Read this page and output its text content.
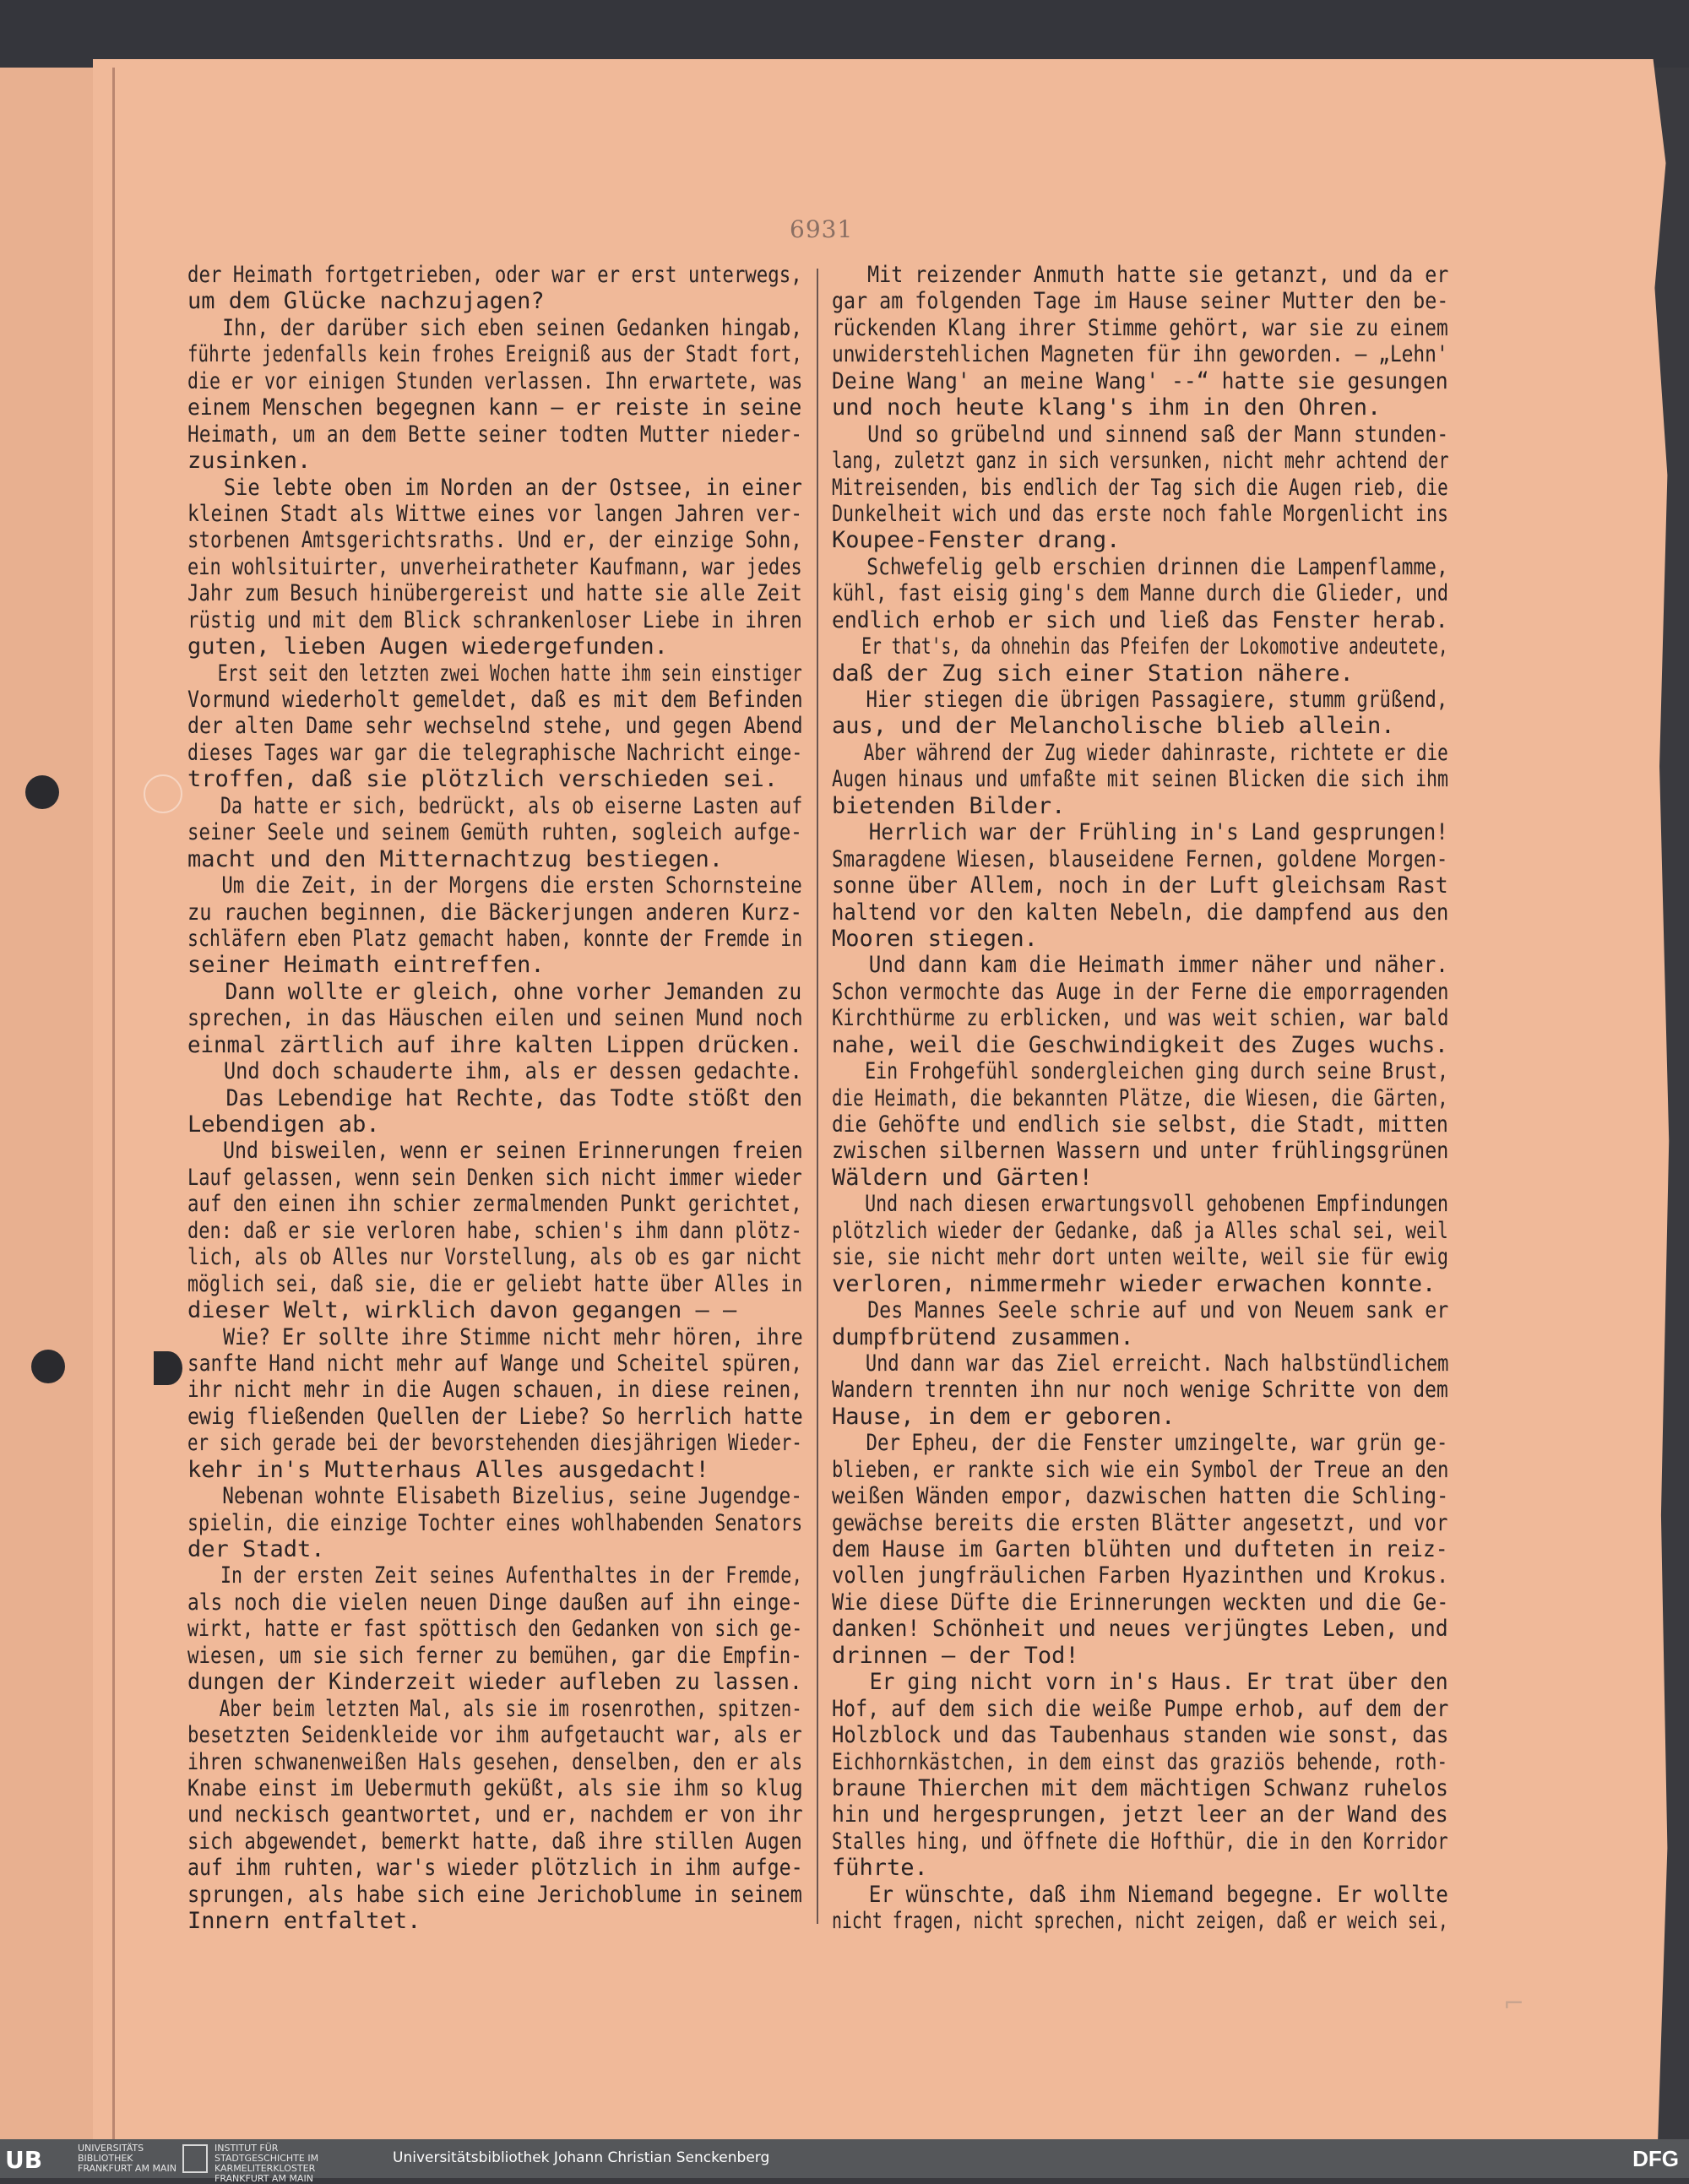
6931
der Heimath fortgetrieben, oder war er erst unterwegs,
um dem Glücke nachzujagen?
Ihn, der darüber sich eben seinen Gedanken hingab,
führte jedenfalls kein frohes Ereigniß aus der Stadt fort,
die er vor einigen Stunden verlassen. Ihn erwartete, was
einem Menschen begegnen kann — er reiste in seine
Heimath, um an dem Bette seiner todten Mutter nieder-
zusinken.
Sie lebte oben im Norden an der Ostsee, in einer
kleinen Stadt als Wittwe eines vor langen Jahren ver-
storbenen Amtsgerichtsraths. Und er, der einzige Sohn,
ein wohlsituirter, unverheiratheter Kaufmann, war jedes
Jahr zum Besuch hinübergereist und hatte sie alle Zeit
rüstig und mit dem Blick schrankenloser Liebe in ihren
guten, lieben Augen wiedergefunden.
Erst seit den letzten zwei Wochen hatte ihm sein einstiger
Vormund wiederholt gemeldet, daß es mit dem Befinden
der alten Dame sehr wechselnd stehe, und gegen Abend
dieses Tages war gar die telegraphische Nachricht einge-
troffen, daß sie plötzlich verschieden sei.
Da hatte er sich, bedrückt, als ob eiserne Lasten auf
seiner Seele und seinem Gemüth ruhten, sogleich aufge-
macht und den Mitternachtzug bestiegen.
Um die Zeit, in der Morgens die ersten Schornsteine
zu rauchen beginnen, die Bäckerjungen anderen Kurz-
schläfern eben Platz gemacht haben, konnte der Fremde in
seiner Heimath eintreffen.
Dann wollte er gleich, ohne vorher Jemanden zu
sprechen, in das Häuschen eilen und seinen Mund noch
einmal zärtlich auf ihre kalten Lippen drücken.
Und doch schauderte ihm, als er dessen gedachte.
Das Lebendige hat Rechte, das Todte stößt den
Lebendigen ab.
Und bisweilen, wenn er seinen Erinnerungen freien
Lauf gelassen, wenn sein Denken sich nicht immer wieder
auf den einen ihn schier zermalmenden Punkt gerichtet,
den: daß er sie verloren habe, schien's ihm dann plötz-
lich, als ob Alles nur Vorstellung, als ob es gar nicht
möglich sei, daß sie, die er geliebt hatte über Alles in
dieser Welt, wirklich davon gegangen — —
Wie? Er sollte ihre Stimme nicht mehr hören, ihre
sanfte Hand nicht mehr auf Wange und Scheitel spüren,
ihr nicht mehr in die Augen schauen, in diese reinen,
ewig fließenden Quellen der Liebe? So herrlich hatte
er sich gerade bei der bevorstehenden diesjährigen Wieder-
kehr in's Mutterhaus Alles ausgedacht!
Nebenan wohnte Elisabeth Bizelius, seine Jugendge-
spielin, die einzige Tochter eines wohlhabenden Senators
der Stadt.
In der ersten Zeit seines Aufenthaltes in der Fremde,
als noch die vielen neuen Dinge daußen auf ihn einge-
wirkt, hatte er fast spöttisch den Gedanken von sich ge-
wiesen, um sie sich ferner zu bemühen, gar die Empfin-
dungen der Kinderzeit wieder aufleben zu lassen.
Aber beim letzten Mal, als sie im rosenrothen, spitzen-
besetzten Seidenkleide vor ihm aufgetaucht war, als er
ihren schwanenweißen Hals gesehen, denselben, den er als
Knabe einst im Uebermuth geküßt, als sie ihm so klug
und neckisch geantwortet, und er, nachdem er von ihr
sich abgewendet, bemerkt hatte, daß ihre stillen Augen
auf ihm ruhten, war's wieder plötzlich in ihm aufge-
sprungen, als habe sich eine Jerichoblume in seinem
Innern entfaltet.
Mit reizender Anmuth hatte sie getanzt, und da er
gar am folgenden Tage im Hause seiner Mutter den be-
rückenden Klang ihrer Stimme gehört, war sie zu einem
unwiderstehlichen Magneten für ihn geworden. — „Lehn'
Deine Wang' an meine Wang' --“ hatte sie gesungen
und noch heute klang's ihm in den Ohren.
Und so grübelnd und sinnend saß der Mann stunden-
lang, zuletzt ganz in sich versunken, nicht mehr achtend der
Mitreisenden, bis endlich der Tag sich die Augen rieb, die
Dunkelheit wich und das erste noch fahle Morgenlicht ins
Koupee-Fenster drang.
Schwefelig gelb erschien drinnen die Lampenflamme,
kühl, fast eisig ging's dem Manne durch die Glieder, und
endlich erhob er sich und ließ das Fenster herab.
Er that's, da ohnehin das Pfeifen der Lokomotive andeutete,
daß der Zug sich einer Station nähere.
Hier stiegen die übrigen Passagiere, stumm grüßend,
aus, und der Melancholische blieb allein.
Aber während der Zug wieder dahinraste, richtete er die
Augen hinaus und umfaßte mit seinen Blicken die sich ihm
bietenden Bilder.
Herrlich war der Frühling in's Land gesprungen!
Smaragdene Wiesen, blauseidene Fernen, goldene Morgen-
sonne über Allem, noch in der Luft gleichsam Rast
haltend vor den kalten Nebeln, die dampfend aus den
Mooren stiegen.
Und dann kam die Heimath immer näher und näher.
Schon vermochte das Auge in der Ferne die emporragenden
Kirchthürme zu erblicken, und was weit schien, war bald
nahe, weil die Geschwindigkeit des Zuges wuchs.
Ein Frohgefühl sondergleichen ging durch seine Brust,
die Heimath, die bekannten Plätze, die Wiesen, die Gärten,
die Gehöfte und endlich sie selbst, die Stadt, mitten
zwischen silbernen Wassern und unter frühlingsgrünen
Wäldern und Gärten!
Und nach diesen erwartungsvoll gehobenen Empfindungen
plötzlich wieder der Gedanke, daß ja Alles schal sei, weil
sie, sie nicht mehr dort unten weilte, weil sie für ewig
verloren, nimmermehr wieder erwachen konnte.
Des Mannes Seele schrie auf und von Neuem sank er
dumpfbrütend zusammen.
Und dann war das Ziel erreicht. Nach halbstündlichem
Wandern trennten ihn nur noch wenige Schritte von dem
Hause, in dem er geboren.
Der Epheu, der die Fenster umzingelte, war grün ge-
blieben, er rankte sich wie ein Symbol der Treue an den
weißen Wänden empor, dazwischen hatten die Schling-
gewächse bereits die ersten Blätter angesetzt, und vor
dem Hause im Garten blühten und dufteten in reiz-
vollen jungfräulichen Farben Hyazinthen und Krokus.
Wie diese Düfte die Erinnerungen weckten und die Ge-
danken! Schönheit und neues verjüngtes Leben, und
drinnen — der Tod!
Er ging nicht vorn in's Haus. Er trat über den
Hof, auf dem sich die weiße Pumpe erhob, auf dem der
Holzblock und das Taubenhaus standen wie sonst, das
Eichhornkästchen, in dem einst das graziös behende, roth-
braune Thierchen mit dem mächtigen Schwanz ruhelos
hin und hergesprungen, jetzt leer an der Wand des
Stalles hing, und öffnete die Hofthür, die in den Korridor
führte.
Er wünschte, daß ihm Niemand begegne. Er wollte
nicht fragen, nicht sprechen, nicht zeigen, daß er weich sei,
⌐
UB	UNIVERSITÄTS BIBLIOTHEK FRANKFURT AM MAIN
INSTITUT FÜR STADTGESCHICHTE IM KARMELITERKLOSTER FRANKFURT AM MAIN
Universitätsbibliothek Johann Christian Senckenberg	DFG
